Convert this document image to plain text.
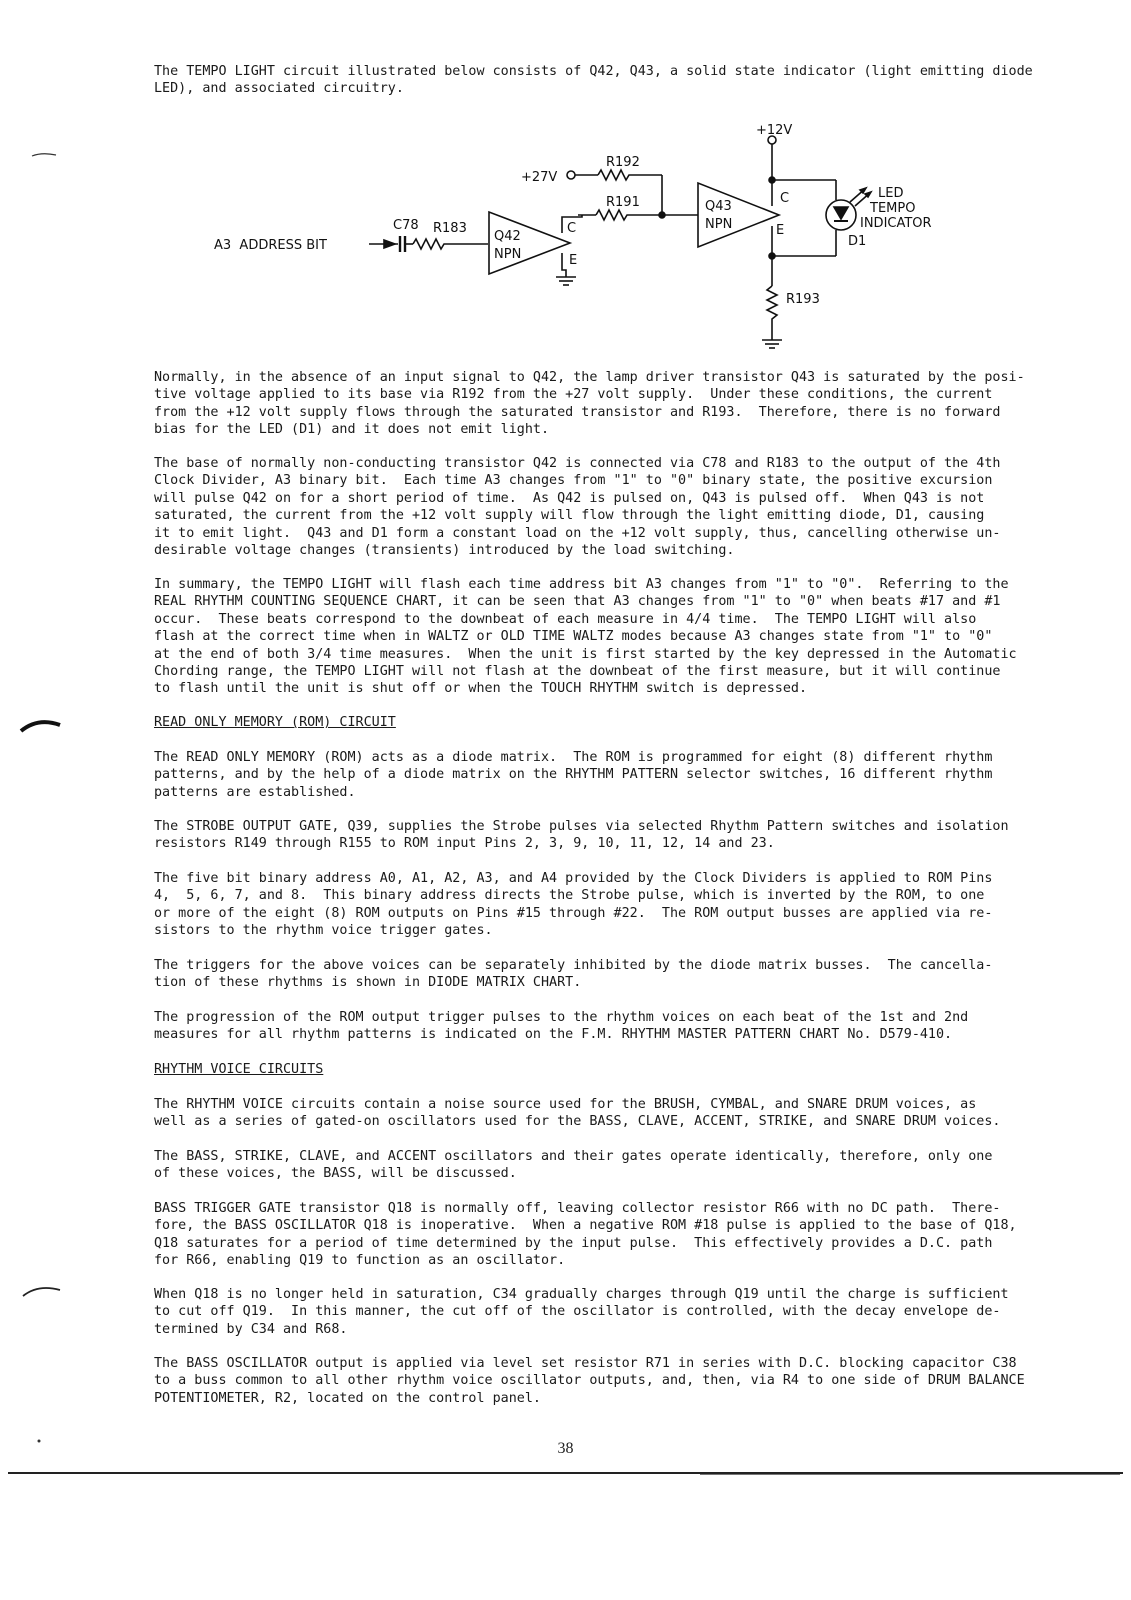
The TEMPO LIGHT circuit illustrated below consists of Q42, Q43, a solid state indicator (light emitting diode
LED), and associated circuitry.
+12V
+27V
R192
R191
C78 R183
A3  ADDRESS BIT
Q42
NPN
C
E
Q43
NPN
C
E
LED
TEMPO
INDICATOR
D1
R193
Normally, in the absence of an input signal to Q42, the lamp driver transistor Q43 is saturated by the posi-
tive voltage applied to its base via R192 from the +27 volt supply.  Under these conditions, the current
from the +12 volt supply flows through the saturated transistor and R193.  Therefore, there is no forward
bias for the LED (D1) and it does not emit light.
The base of normally non-conducting transistor Q42 is connected via C78 and R183 to the output of the 4th
Clock Divider, A3 binary bit.  Each time A3 changes from "1" to "0" binary state, the positive excursion
will pulse Q42 on for a short period of time.  As Q42 is pulsed on, Q43 is pulsed off.  When Q43 is not
saturated, the current from the +12 volt supply will flow through the light emitting diode, D1, causing
it to emit light.  Q43 and D1 form a constant load on the +12 volt supply, thus, cancelling otherwise un-
desirable voltage changes (transients) introduced by the load switching.
In summary, the TEMPO LIGHT will flash each time address bit A3 changes from "1" to "0".  Referring to the
REAL RHYTHM COUNTING SEQUENCE CHART, it can be seen that A3 changes from "1" to "0" when beats #17 and #1
occur.  These beats correspond to the downbeat of each measure in 4/4 time.  The TEMPO LIGHT will also
flash at the correct time when in WALTZ or OLD TIME WALTZ modes because A3 changes state from "1" to "0"
at the end of both 3/4 time measures.  When the unit is first started by the key depressed in the Automatic
Chording range, the TEMPO LIGHT will not flash at the downbeat of the first measure, but it will continue
to flash until the unit is shut off or when the TOUCH RHYTHM switch is depressed.
READ ONLY MEMORY (ROM) CIRCUIT
The READ ONLY MEMORY (ROM) acts as a diode matrix.  The ROM is programmed for eight (8) different rhythm
patterns, and by the help of a diode matrix on the RHYTHM PATTERN selector switches, 16 different rhythm
patterns are established.
The STROBE OUTPUT GATE, Q39, supplies the Strobe pulses via selected Rhythm Pattern switches and isolation
resistors R149 through R155 to ROM input Pins 2, 3, 9, 10, 11, 12, 14 and 23.
The five bit binary address A0, A1, A2, A3, and A4 provided by the Clock Dividers is applied to ROM Pins
4,  5, 6, 7, and 8.  This binary address directs the Strobe pulse, which is inverted by the ROM, to one
or more of the eight (8) ROM outputs on Pins #15 through #22.  The ROM output busses are applied via re-
sistors to the rhythm voice trigger gates.
The triggers for the above voices can be separately inhibited by the diode matrix busses.  The cancella-
tion of these rhythms is shown in DIODE MATRIX CHART.
The progression of the ROM output trigger pulses to the rhythm voices on each beat of the 1st and 2nd
measures for all rhythm patterns is indicated on the F.M. RHYTHM MASTER PATTERN CHART No. D579-410.
RHYTHM VOICE CIRCUITS
The RHYTHM VOICE circuits contain a noise source used for the BRUSH, CYMBAL, and SNARE DRUM voices, as
well as a series of gated-on oscillators used for the BASS, CLAVE, ACCENT, STRIKE, and SNARE DRUM voices.
The BASS, STRIKE, CLAVE, and ACCENT oscillators and their gates operate identically, therefore, only one
of these voices, the BASS, will be discussed.
BASS TRIGGER GATE transistor Q18 is normally off, leaving collector resistor R66 with no DC path.  There-
fore, the BASS OSCILLATOR Q18 is inoperative.  When a negative ROM #18 pulse is applied to the base of Q18,
Q18 saturates for a period of time determined by the input pulse.  This effectively provides a D.C. path
for R66, enabling Q19 to function as an oscillator.
When Q18 is no longer held in saturation, C34 gradually charges through Q19 until the charge is sufficient
to cut off Q19.  In this manner, the cut off of the oscillator is controlled, with the decay envelope de-
termined by C34 and R68.
The BASS OSCILLATOR output is applied via level set resistor R71 in series with D.C. blocking capacitor C38
to a buss common to all other rhythm voice oscillator outputs, and, then, via R4 to one side of DRUM BALANCE
POTENTIOMETER, R2, located on the control panel.
38
